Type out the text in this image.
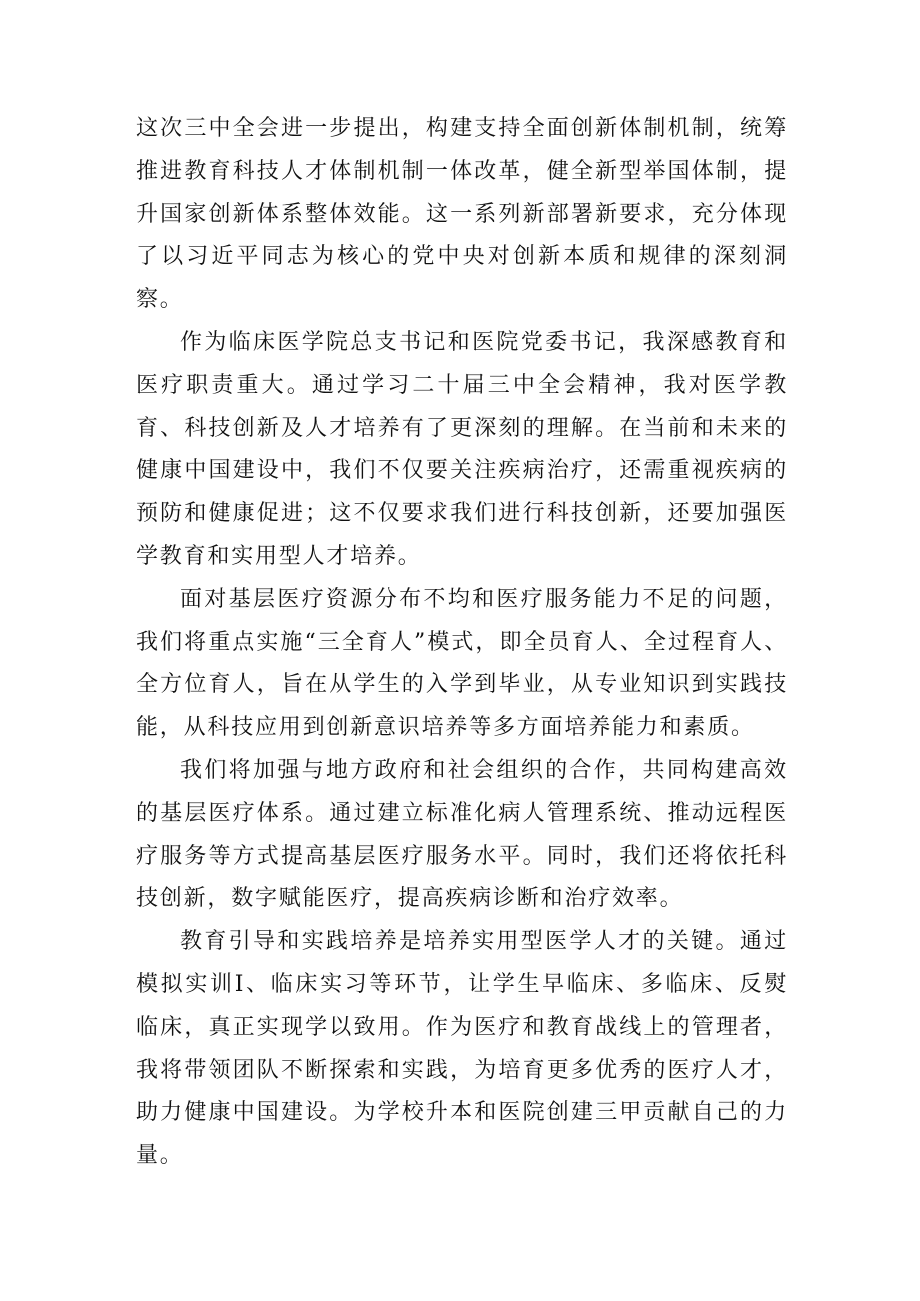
这次三中全会进一步提出，构建支持全面创新体制机制，统筹推进教育科技人才体制机制一体改革，健全新型举国体制，提升国家创新体系整体效能。这一系列新部署新要求，充分体现了以习近平同志为核心的党中央对创新本质和规律的深刻洞察。

作为临床医学院总支书记和医院党委书记，我深感教育和医疗职责重大。通过学习二十届三中全会精神，我对医学教育、科技创新及人才培养有了更深刻的理解。在当前和未来的健康中国建设中，我们不仅要关注疾病治疗，还需重视疾病的预防和健康促进；这不仅要求我们进行科技创新，还要加强医学教育和实用型人才培养。

面对基层医疗资源分布不均和医疗服务能力不足的问题，我们将重点实施“三全育人”模式，即全员育人、全过程育人、全方位育人，旨在从学生的入学到毕业，从专业知识到实践技能，从科技应用到创新意识培养等多方面培养能力和素质。

我们将加强与地方政府和社会组织的合作，共同构建高效的基层医疗体系。通过建立标准化病人管理系统、推动远程医疗服务等方式提高基层医疗服务水平。同时，我们还将依托科技创新，数字赋能医疗，提高疾病诊断和治疗效率。

教育引导和实践培养是培养实用型医学人才的关键。通过模拟实训I、临床实习等环节，让学生早临床、多临床、反熨临床，真正实现学以致用。作为医疗和教育战线上的管理者，我将带领团队不断探索和实践，为培育更多优秀的医疗人才，助力健康中国建设。为学校升本和医院创建三甲贡献自己的力量。
